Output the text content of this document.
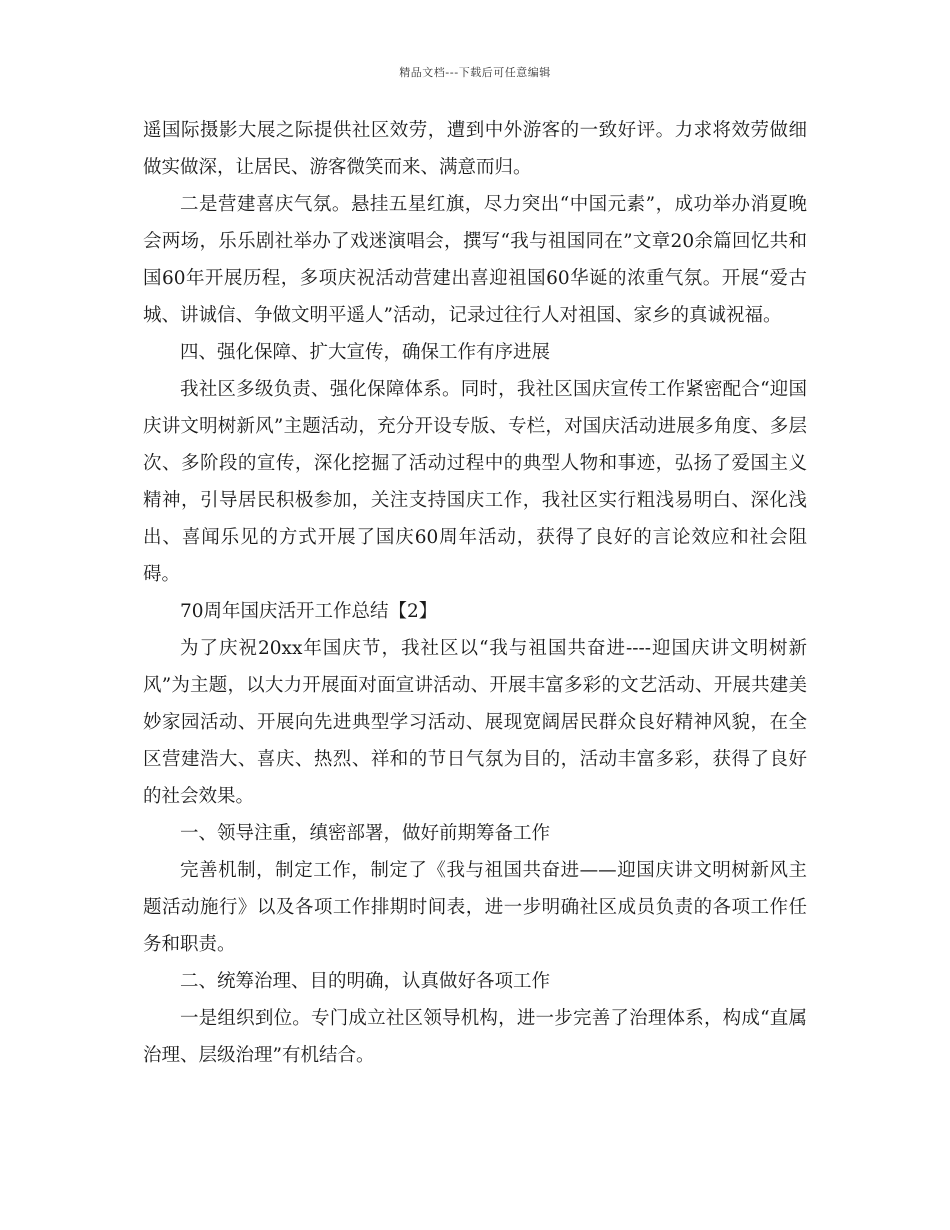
精品文档---下载后可任意编辑

遥国际摄影大展之际提供社区效劳，遭到中外游客的一致好评。力求将效劳做细做实做深，让居民、游客微笑而来、满意而归。

二是营建喜庆气氛。悬挂五星红旗，尽力突出“中国元素”，成功举办消夏晚会两场，乐乐剧社举办了戏迷演唱会，撰写“我与祖国同在”文章20余篇回忆共和国60年开展历程，多项庆祝活动营建出喜迎祖国60华诞的浓重气氛。开展“爱古城、讲诚信、争做文明平遥人”活动，记录过往行人对祖国、家乡的真诚祝福。

四、强化保障、扩大宣传，确保工作有序进展

我社区多级负责、强化保障体系。同时，我社区国庆宣传工作紧密配合“迎国庆讲文明树新风”主题活动，充分开设专版、专栏，对国庆活动进展多角度、多层次、多阶段的宣传，深化挖掘了活动过程中的典型人物和事迹，弘扬了爱国主义精神，引导居民积极参加，关注支持国庆工作，我社区实行粗浅易明白、深化浅出、喜闻乐见的方式开展了国庆60周年活动，获得了良好的言论效应和社会阻碍。

70周年国庆活开工作总结【2】

为了庆祝20xx年国庆节，我社区以“我与祖国共奋进----迎国庆讲文明树新风”为主题，以大力开展面对面宣讲活动、开展丰富多彩的文艺活动、开展共建美妙家园活动、开展向先进典型学习活动、展现宽阔居民群众良好精神风貌，在全区营建浩大、喜庆、热烈、祥和的节日气氛为目的，活动丰富多彩，获得了良好的社会效果。

一、领导注重，缜密部署，做好前期筹备工作

完善机制，制定工作，制定了《我与祖国共奋进——迎国庆讲文明树新风主题活动施行》以及各项工作排期时间表，进一步明确社区成员负责的各项工作任务和职责。

二、统筹治理、目的明确，认真做好各项工作

一是组织到位。专门成立社区领导机构，进一步完善了治理体系，构成“直属治理、层级治理”有机结合。
